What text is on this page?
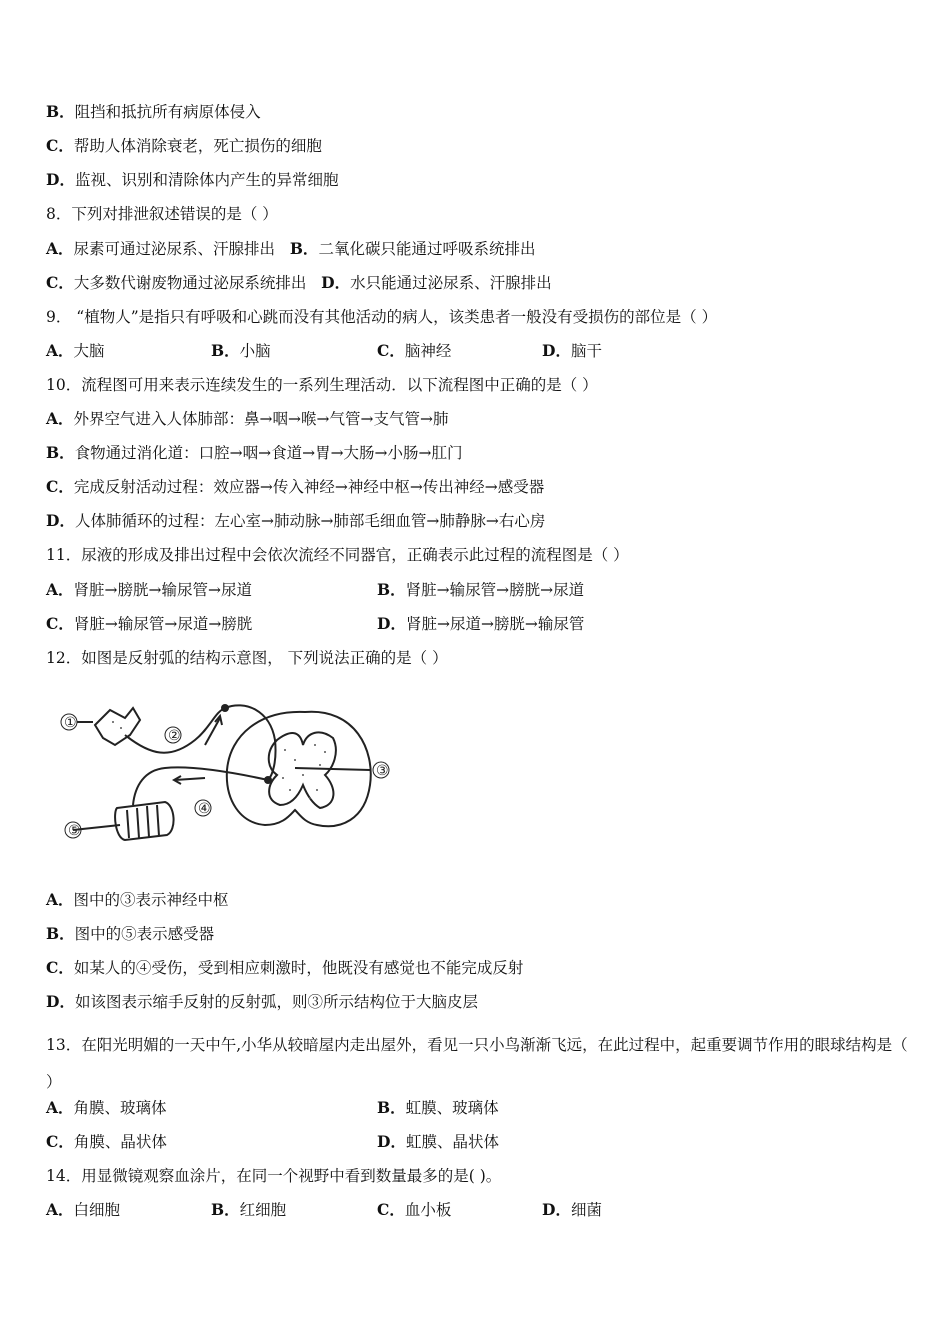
B．阻挡和抵抗所有病原体侵入
C．帮助人体消除衰老，死亡损伤的细胞
D．监视、识别和清除体内产生的异常细胞
8．下列对排泄叙述错误的是（ ）
A．尿素可通过泌尿系、汗腺排出 B．二氧化碳只能通过呼吸系统排出
C．大多数代谢废物通过泌尿系统排出 D．水只能通过泌尿系、汗腺排出
9． “植物人”是指只有呼吸和心跳而没有其他活动的病人，该类患者一般没有受损伤的部位是（ ）
A．大脑	B．小脑	C．脑神经	D．脑干
10．流程图可用来表示连续发生的一系列生理活动．以下流程图中正确的是（ ）
A．外界空气进入人体肺部：鼻→咽→喉→气管→支气管→肺
B．食物通过消化道：口腔→咽→食道→胃→大肠→小肠→肛门
C．完成反射活动过程：效应器→传入神经→神经中枢→传出神经→感受器
D．人体肺循环的过程：左心室→肺动脉→肺部毛细血管→肺静脉→右心房
11．尿液的形成及排出过程中会依次流经不同器官，正确表示此过程的流程图是（ ）
A．肾脏→膀胱→输尿管→尿道	B．肾脏→输尿管→膀胱→尿道
C．肾脏→输尿管→尿道→膀胱	D．肾脏→尿道→膀胱→输尿管
12．如图是反射弧的结构示意图， 下列说法正确的是（ ）
①
②
③
④
⑤
A．图中的③表示神经中枢
B．图中的⑤表示感受器
C．如某人的④受伤，受到相应刺激时，他既没有感觉也不能完成反射
D．如该图表示缩手反射的反射弧，则③所示结构位于大脑皮层
13．在阳光明媚的一天中午,小华从较暗屋内走出屋外，看见一只小鸟渐渐飞远，在此过程中，起重要调节作用的眼球结构是（ ）
A．角膜、玻璃体	B．虹膜、玻璃体
C．角膜、晶状体	D．虹膜、晶状体
14．用显微镜观察血涂片，在同一个视野中看到数量最多的是( )。
A．白细胞	B．红细胞	C．血小板	D．细菌
